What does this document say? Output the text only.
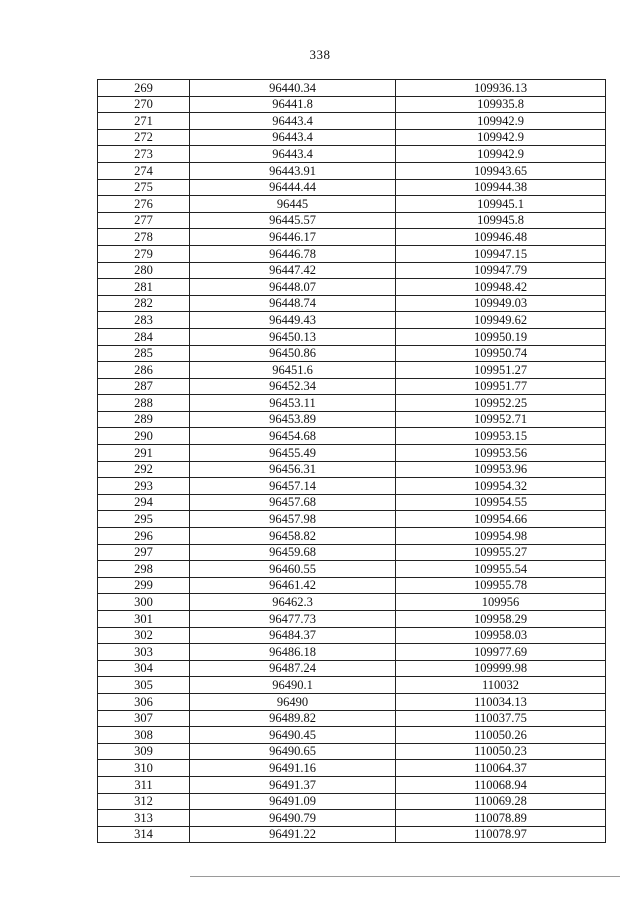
338
269	96440.34	109936.13
270	96441.8	109935.8
271	96443.4	109942.9
272	96443.4	109942.9
273	96443.4	109942.9
274	96443.91	109943.65
275	96444.44	109944.38
276	96445	109945.1
277	96445.57	109945.8
278	96446.17	109946.48
279	96446.78	109947.15
280	96447.42	109947.79
281	96448.07	109948.42
282	96448.74	109949.03
283	96449.43	109949.62
284	96450.13	109950.19
285	96450.86	109950.74
286	96451.6	109951.27
287	96452.34	109951.77
288	96453.11	109952.25
289	96453.89	109952.71
290	96454.68	109953.15
291	96455.49	109953.56
292	96456.31	109953.96
293	96457.14	109954.32
294	96457.68	109954.55
295	96457.98	109954.66
296	96458.82	109954.98
297	96459.68	109955.27
298	96460.55	109955.54
299	96461.42	109955.78
300	96462.3	109956
301	96477.73	109958.29
302	96484.37	109958.03
303	96486.18	109977.69
304	96487.24	109999.98
305	96490.1	110032
306	96490	110034.13
307	96489.82	110037.75
308	96490.45	110050.26
309	96490.65	110050.23
310	96491.16	110064.37
311	96491.37	110068.94
312	96491.09	110069.28
313	96490.79	110078.89
314	96491.22	110078.97
